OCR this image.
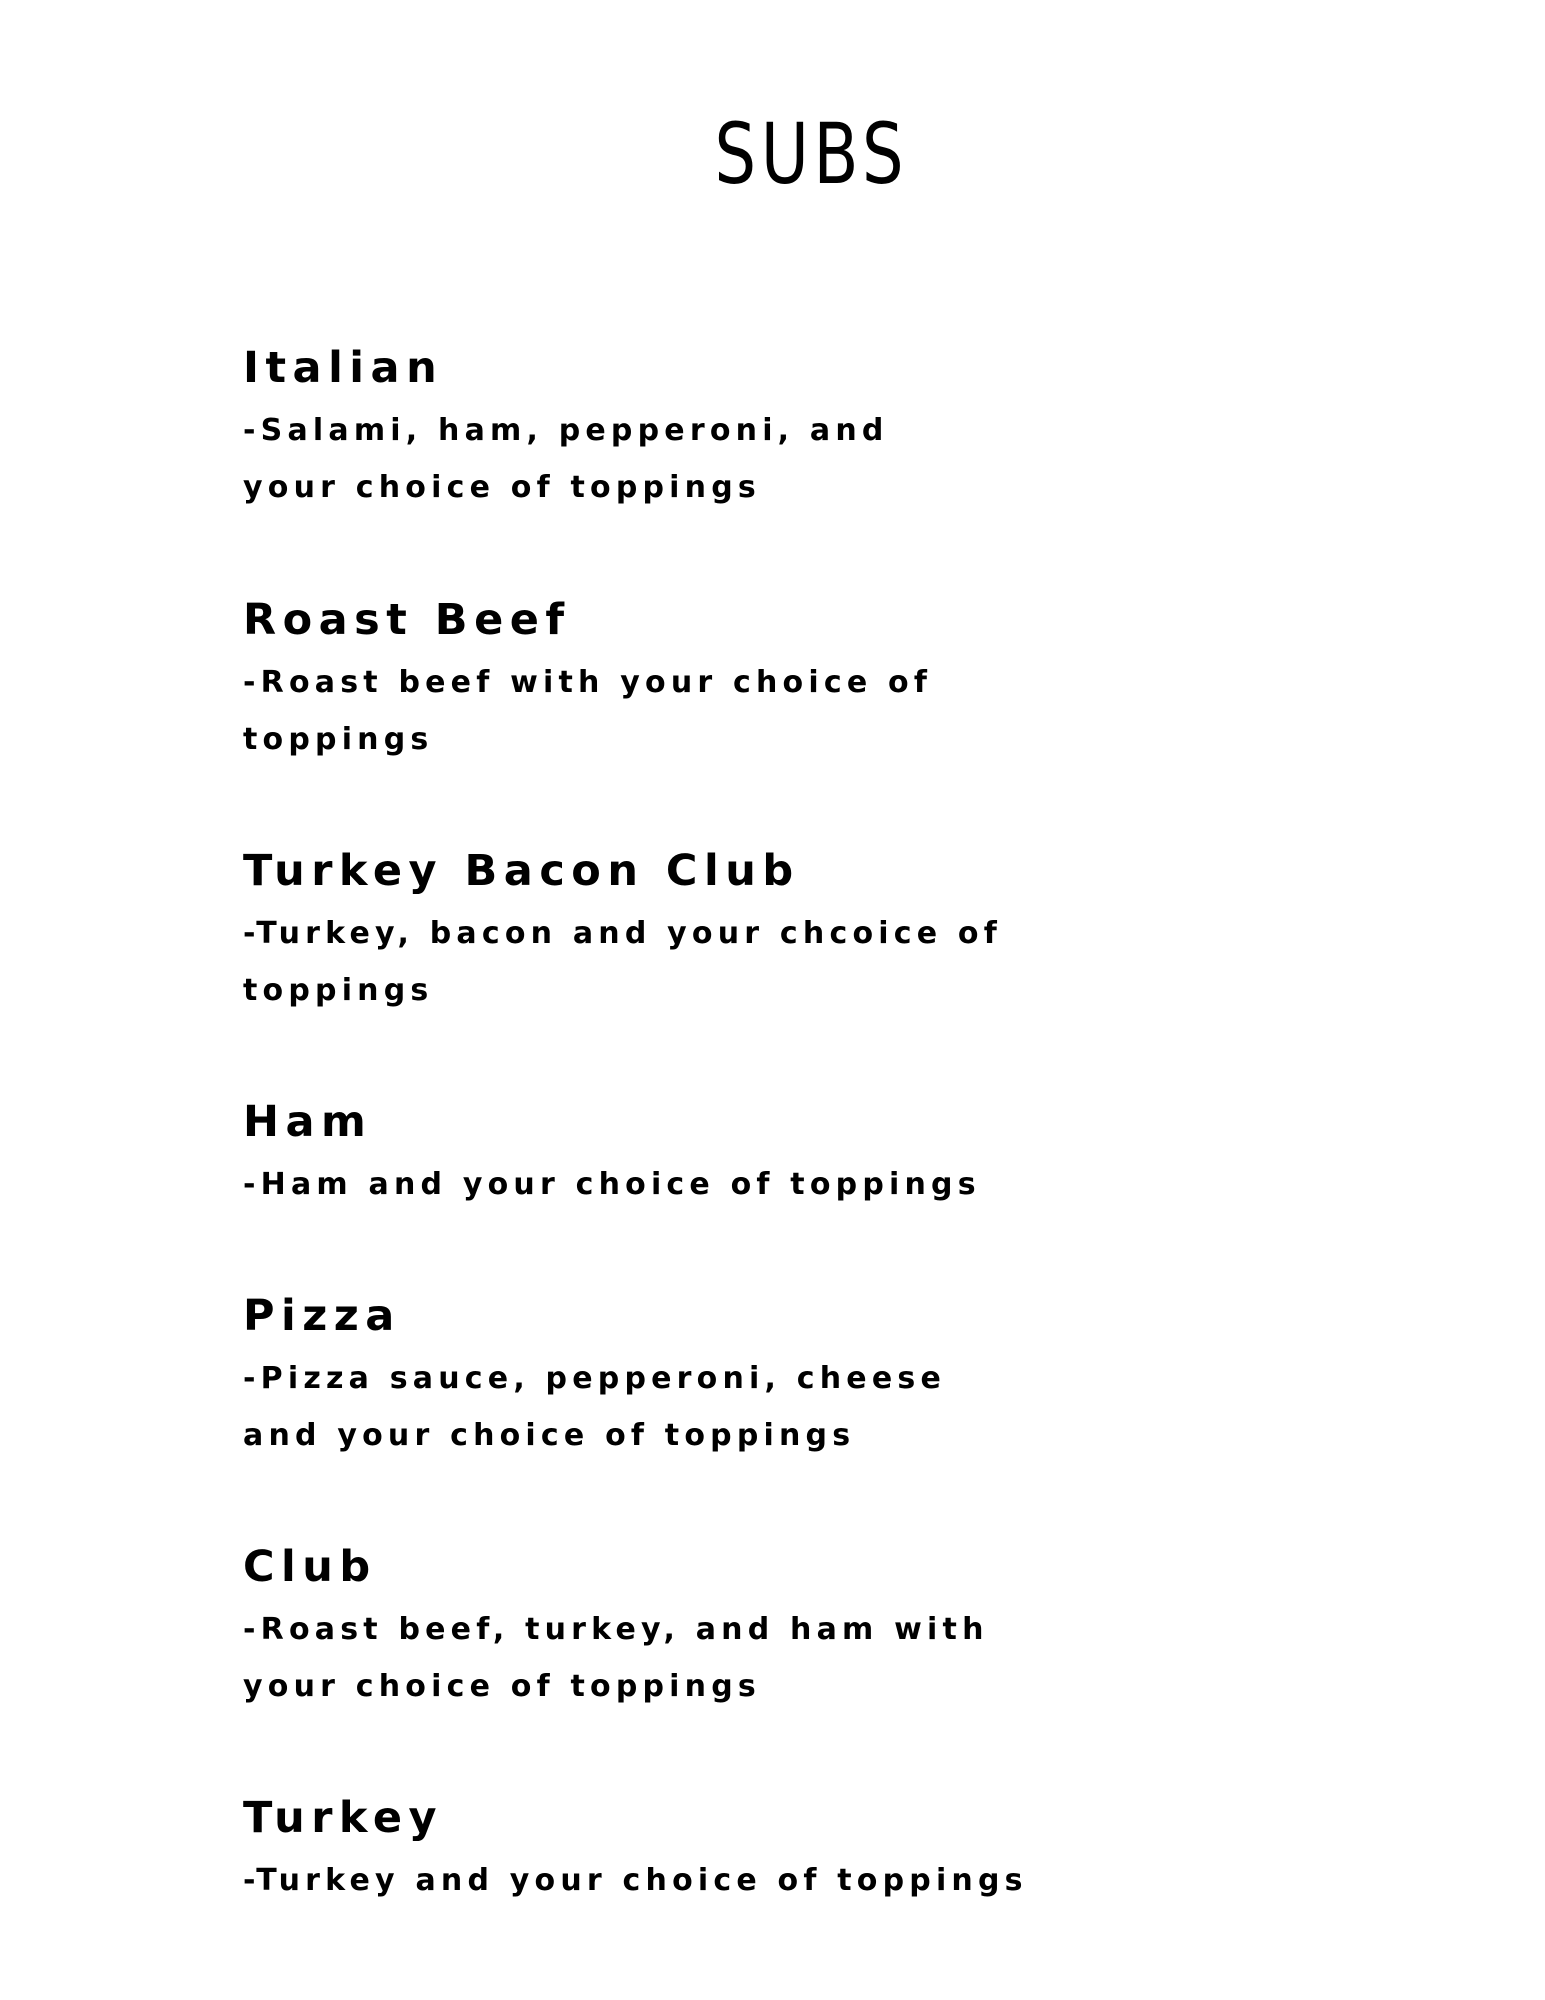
SUBS

Italian

-Salami, ham, pepperoni, and your choice of toppings

Roast Beef

-Roast beef with your choice of toppings

Turkey Bacon Club

-Turkey, bacon and your chcoice of toppings

Ham

-Ham and your choice of toppings

Pizza

-Pizza sauce, pepperoni, cheese and your choice of toppings

Club

-Roast beef, turkey, and ham with your choice of toppings

Turkey

-Turkey and your choice of toppings
